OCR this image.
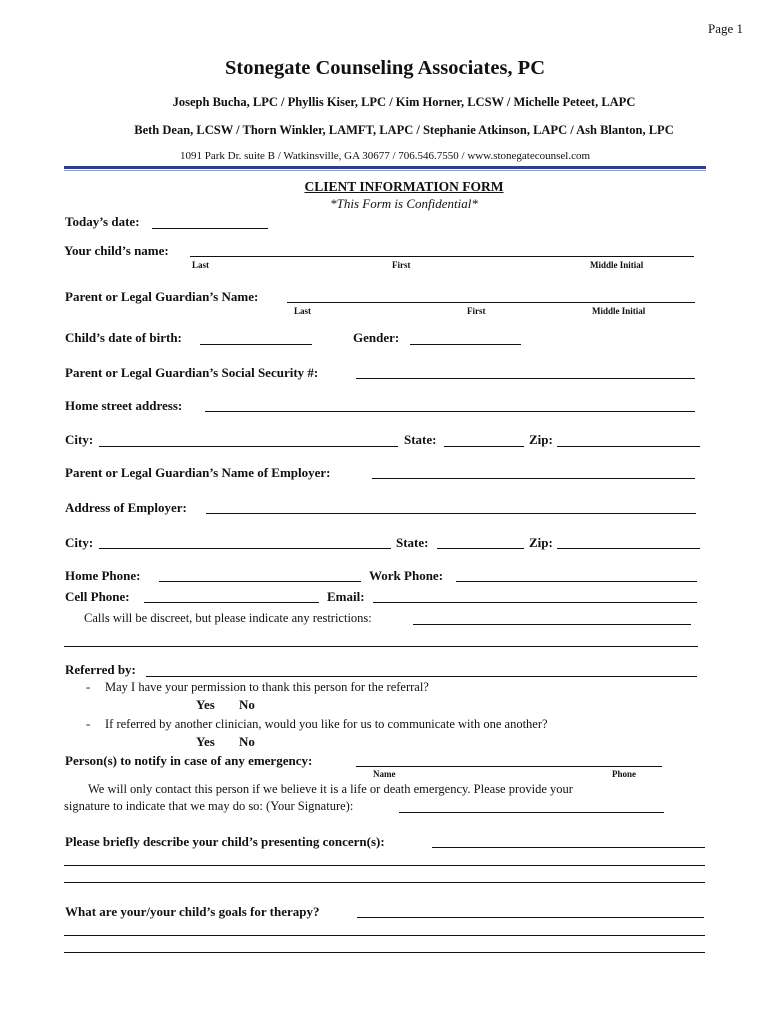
Page 1
Stonegate Counseling Associates, PC
Joseph Bucha, LPC / Phyllis Kiser, LPC / Kim Horner, LCSW / Michelle Peteet, LAPC
Beth Dean, LCSW / Thorn Winkler, LAMFT, LAPC / Stephanie Atkinson, LAPC / Ash Blanton, LPC
1091 Park Dr. suite B / Watkinsville, GA 30677 / 706.546.7550 / www.stonegatecounsel.com
CLIENT INFORMATION FORM
*This Form is Confidential*
Today’s date:
Your child’s name:
Last	First	Middle Initial
Parent or Legal Guardian’s Name:
Last	First	Middle Initial
Child’s date of birth:	Gender:
Parent or Legal Guardian’s Social Security #:
Home street address:
City:	State:	Zip:
Parent or Legal Guardian’s Name of Employer:
Address of Employer:
City:	State:	Zip:
Home Phone:	Work Phone:
Cell Phone:	Email:
Calls will be discreet, but please indicate any restrictions:
Referred by:
- May I have your permission to thank this person for the referral?
Yes No
- If referred by another clinician, would you like for us to communicate with one another?
Yes No
Person(s) to notify in case of any emergency:
Name	Phone
We will only contact this person if we believe it is a life or death emergency. Please provide your
signature to indicate that we may do so: (Your Signature):
Please briefly describe your child’s presenting concern(s):
What are your/your child’s goals for therapy?
